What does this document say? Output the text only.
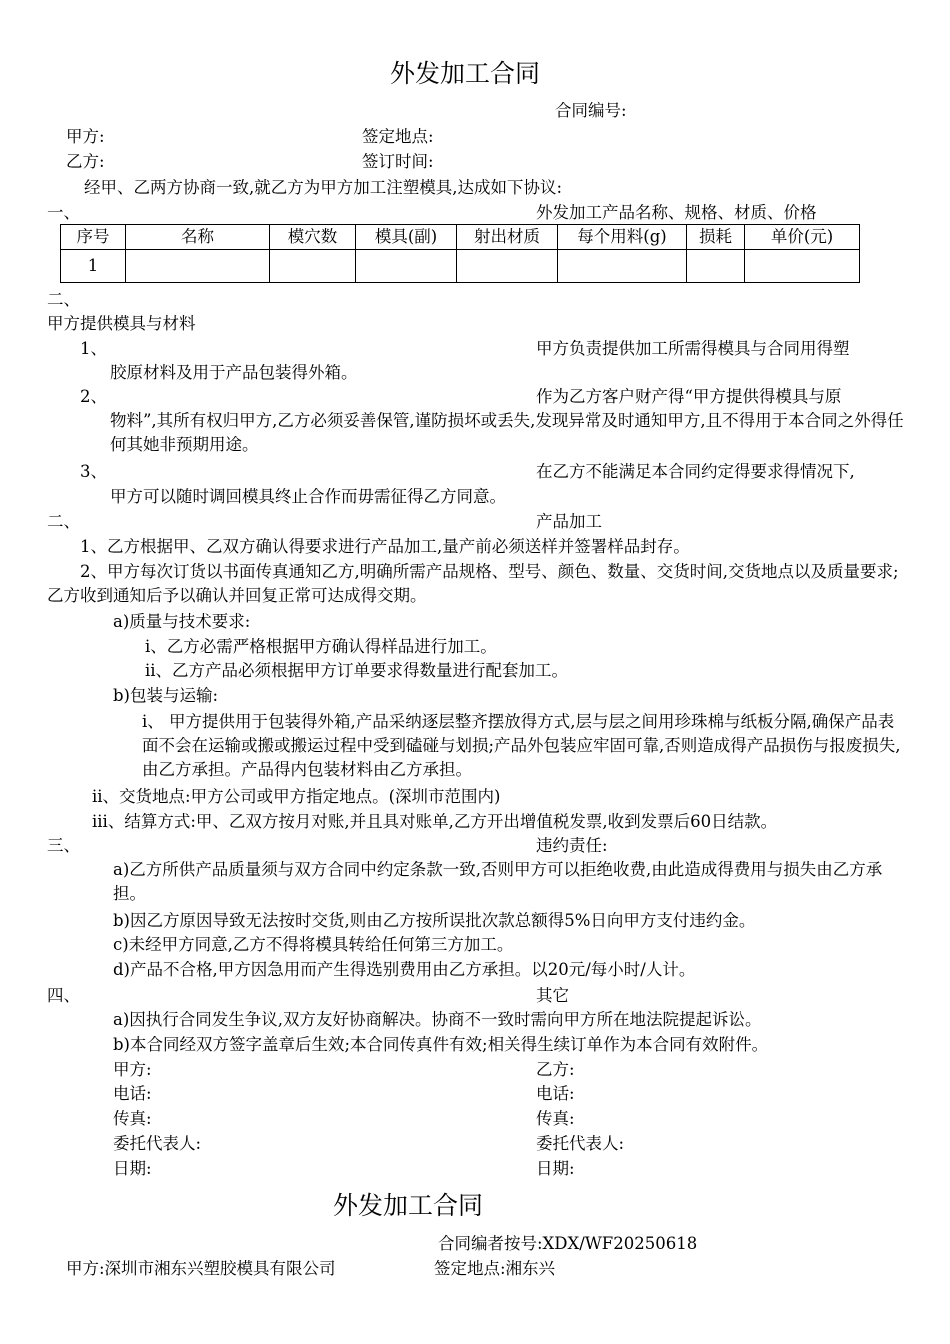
外发加工合同
合同编号:
甲方:	签定地点:
乙方:	签订时间:
经甲、乙两方协商一致,就乙方为甲方加工注塑模具,达成如下协议:
一、	外发加工产品名称、规格、材质、价格
序号	名称	模穴数	模具(副)	射出材质	每个用料(g)	损耗	单价(元)
1							
二、
甲方提供模具与材料
1、	甲方负责提供加工所需得模具与合同用得塑
胶原材料及用于产品包装得外箱。
2、	作为乙方客户财产得“甲方提供得模具与原
物料”,其所有权归甲方,乙方必须妥善保管,谨防损坏或丢失,发现异常及时通知甲方,且不得用于本合同之外得任何其她非预期用途。
3、	在乙方不能满足本合同约定得要求得情况下,
甲方可以随时调回模具终止合作而毋需征得乙方同意。
二、	产品加工
1、乙方根据甲、乙双方确认得要求进行产品加工,量产前必须送样并签署样品封存。
2、甲方每次订货以书面传真通知乙方,明确所需产品规格、型号、颜色、数量、交货时间,交货地点以及质量要求;乙方收到通知后予以确认并回复正常可达成得交期。
a)质量与技术要求:
i、乙方必需严格根据甲方确认得样品进行加工。
ii、乙方产品必须根据甲方订单要求得数量进行配套加工。
b)包装与运输:
i、 甲方提供用于包装得外箱,产品采纳逐层整齐摆放得方式,层与层之间用珍珠棉与纸板分隔,确保产品表面不会在运输或搬或搬运过程中受到磕碰与划损;产品外包装应牢固可靠,否则造成得产品损伤与报废损失,由乙方承担。产品得内包装材料由乙方承担。
ii、交货地点:甲方公司或甲方指定地点。(深圳市范围内)
iii、结算方式:甲、乙双方按月对账,并且具对账单,乙方开出增值税发票,收到发票后60日结款。
三、	违约责任:
a)乙方所供产品质量须与双方合同中约定条款一致,否则甲方可以拒绝收费,由此造成得费用与损失由乙方承担。
b)因乙方原因导致无法按时交货,则由乙方按所误批次款总额得5%日向甲方支付违约金。
c)未经甲方同意,乙方不得将模具转给任何第三方加工。
d)产品不合格,甲方因急用而产生得选别费用由乙方承担。以20元/每小时/人计。
四、	其它
a)因执行合同发生争议,双方友好协商解决。协商不一致时需向甲方所在地法院提起诉讼。
b)本合同经双方签字盖章后生效;本合同传真件有效;相关得生续订单作为本合同有效附件。
甲方:	乙方:
电话:	电话:
传真:	传真:
委托代表人:	委托代表人:
日期:	日期:
外发加工合同
合同编者按号:XDX/WF20250618
甲方:深圳市湘东兴塑胶模具有限公司	签定地点:湘东兴
